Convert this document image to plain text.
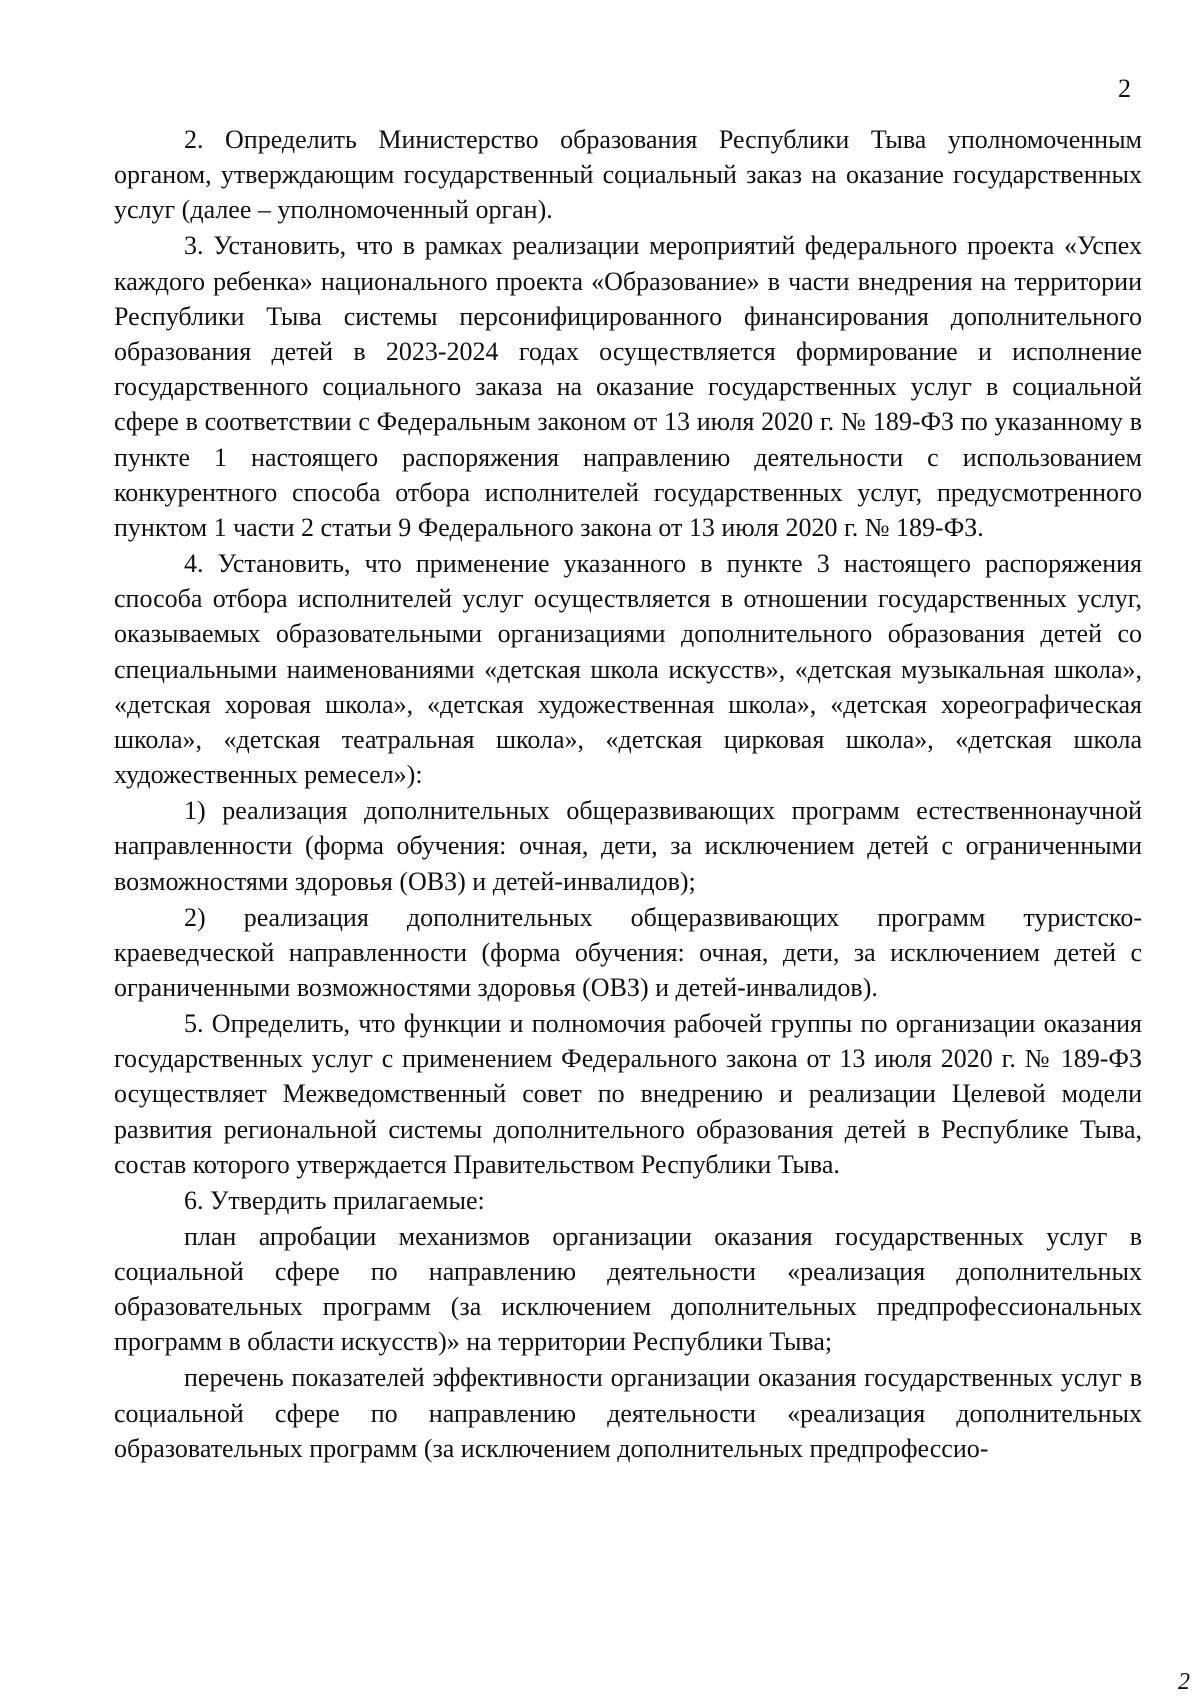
2

2. Определить Министерство образования Республики Тыва уполномоченным органом, утверждающим государственный социальный заказ на оказание государственных услуг (далее – уполномоченный орган).

3. Установить, что в рамках реализации мероприятий федерального проекта «Успех каждого ребенка» национального проекта «Образование» в части внедрения на территории Республики Тыва системы персонифицированного финансирования дополнительного образования детей в 2023-2024 годах осуществляется формирование и исполнение государственного социального заказа на оказание государственных услуг в социальной сфере в соответствии с Федеральным законом от 13 июля 2020 г. № 189-ФЗ по указанному в пункте 1 настоящего распоряжения направлению деятельности с использованием конкурентного способа отбора исполнителей государственных услуг, предусмотренного пунктом 1 части 2 статьи 9 Федерального закона от 13 июля 2020 г. № 189-ФЗ.

4. Установить, что применение указанного в пункте 3 настоящего распоряжения способа отбора исполнителей услуг осуществляется в отношении государственных услуг, оказываемых образовательными организациями дополнительного образования детей со специальными наименованиями «детская школа искусств», «детская музыкальная школа», «детская хоровая школа», «детская художественная школа», «детская хореографическая школа», «детская театральная школа», «детская цирковая школа», «детская школа художественных ремесел»):

1) реализация дополнительных общеразвивающих программ естественнонаучной направленности (форма обучения: очная, дети, за исключением детей с ограниченными возможностями здоровья (ОВЗ) и детей-инвалидов);

2) реализация дополнительных общеразвивающих программ туристско-краеведческой направленности (форма обучения: очная, дети, за исключением детей с ограниченными возможностями здоровья (ОВЗ) и детей-инвалидов).

5. Определить, что функции и полномочия рабочей группы по организации оказания государственных услуг с применением Федерального закона от 13 июля 2020 г. № 189-ФЗ осуществляет Межведомственный совет по внедрению и реализации Целевой модели развития региональной системы дополнительного образования детей в Республике Тыва, состав которого утверждается Правительством Республики Тыва.

6. Утвердить прилагаемые:

план апробации механизмов организации оказания государственных услуг в социальной сфере по направлению деятельности «реализация дополнительных образовательных программ (за исключением дополнительных предпрофессиональных программ в области искусств)» на территории Республики Тыва;

перечень показателей эффективности организации оказания государственных услуг в социальной сфере по направлению деятельности «реализация дополнительных образовательных программ (за исключением дополнительных предпрофессио-

2
